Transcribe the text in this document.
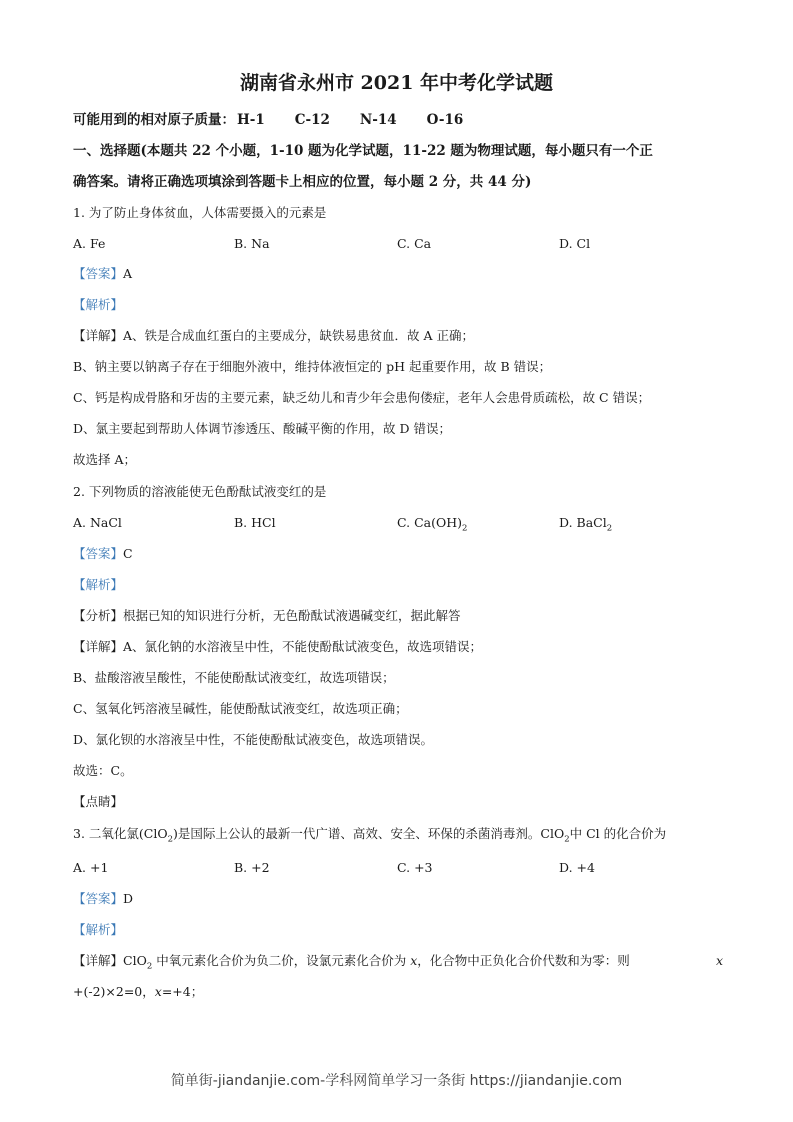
湖南省永州市 2021 年中考化学试题
可能用到的相对原子质量： H-1 C-12 N-14 O-16
一、选择题(本题共 22 个小题，1-10 题为化学试题，11-22 题为物理试题，每小题只有一个正
确答案。请将正确选项填涂到答题卡上相应的位置，每小题 2 分，共 44 分)
1. 为了防止身体贫血，人体需要摄入的元素是
A. Fe	B. Na	C. Ca	D. Cl
【答案】A
【解析】
【详解】A、铁是合成血红蛋白的主要成分，缺铁易患贫血．故 A 正确；
B、钠主要以钠离子存在于细胞外液中，维持体液恒定的 pH 起重要作用，故 B 错误；
C、钙是构成骨胳和牙齿的主要元素，缺乏幼儿和青少年会患佝偻症，老年人会患骨质疏松，故 C 错误；
D、氯主要起到帮助人体调节渗透压、酸碱平衡的作用，故 D 错误；
故选择 A；
2. 下列物质的溶液能使无色酚酞试液变红的是
A. NaCl	B. HCl	C. $Ca(OH)_2$	D. BaCl$_2$
【答案】C
【解析】
【分析】根据已知的知识进行分析，无色酚酞试液遇碱变红，据此解答
【详解】A、氯化钠的水溶液呈中性，不能使酚酞试液变色，故选项错误；
B、盐酸溶液呈酸性，不能使酚酞试液变红，故选项错误；
C、氢氧化钙溶液呈碱性，能使酚酞试液变红，故选项正确；
D、氯化钡的水溶液呈中性，不能使酚酞试液变色，故选项错误。
故选：C。
【点睛】
3. 二氧化氯(ClO$_2$)是国际上公认的最新一代广谱、高效、安全、环保的杀菌消毒剂。ClO$_2$中 Cl 的化合价为
A. +1	B. +2	C. +3	D. +4
【答案】D
【解析】
【详解】ClO$_2$ 中氧元素化合价为负二价，设氯元素化合价为 x，化合物中正负化合价代数和为零：则	x
+(-2)×2=0，x=+4；
简单街-jiandanjie.com-学科网简单学习一条街 https://jiandanjie.com
